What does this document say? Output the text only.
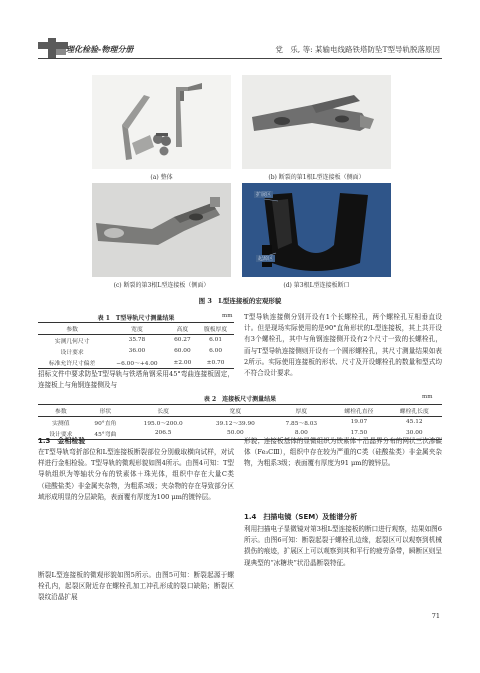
理化检验-物理分册	党　乐, 等: 某输电线路铁塔防坠T型导轨脱落原因
扩展区
起源区
(a) 整体	(b) 断裂的第1根L型连接板（侧面）
(c) 断裂的第3根L型连接板（侧面）	(d) 第3根L型连接板断口
图 3　L型连接板的宏观形貌
表 1　T型导轨尺寸测量结果	mm
参数	宽度	高度	腹板厚度
实测几何尺寸	35.78	60.27	6.01
设计要求	36.00	60.00	6.00
标准允许尺寸偏差	−6.00～+4.00	±2.00	±0.70
T型导轨连接侧分别开设有1个长螺栓孔，两个螺栓孔互相垂直设计。但是现场实际使用的是90°直角形状的L型连接板，其上共开设有3个螺栓孔，其中与角钢连接侧开设有2个尺寸一致的长螺栓孔，而与T型导轨连接侧则开设有一个圆形螺栓孔，其尺寸测量结果如表2所示。实际使用连接板的形状、尺寸及开设螺栓孔的数量和型式均不符合设计要求。
招标文件中要求防坠T型导轨与铁塔角钢采用45°弯曲连接板固定，连接板上与角钢连接侧及与
表 2　连接板尺寸测量结果	mm
参数	形状	长度	宽度	厚度	螺栓孔直径	螺栓孔长度
实测值	90°直角	195.0～200.0	39.12～39.90	7.85～8.03	19.07	45.12
设计要求	45°弯曲	206.5	50.00	8.00	17.50	30.00
1.3　金相检验
在T型导轨弯折部位和L型连接板断裂部位分别截取横向试样，对试样进行金相检验。T型导轨的微观形貌如图4所示。由图4可知：T型导轨组织为等轴状分布的铁素体＋珠光体，组织中存在大量C类（硅酸盐类）非金属夹杂物，为粗系3级；夹杂物的存在导致部分区域形成明显的分层缺陷，表面覆有厚度为100 μm的镀锌层。
断裂L型连接板的微观形貌如图5所示。由图5可知：断裂起源于螺栓孔内，起裂区附近存在螺栓孔加工冲孔形成的裂口缺陷；断裂区裂纹沿晶扩展
形貌；连接板基体的显微组织为铁素体＋沿晶界分布的网状三次渗碳体（Fe₃CⅢ），组织中存在较为严重的C类（硅酸盐类）非金属夹杂物，为粗系3级；表面覆有厚度为91 μm的镀锌层。
1.4　扫描电镜（SEM）及能谱分析
利用扫描电子显微镜对第3根L型连接板的断口进行观察，结果如图6所示。由图6可知：断裂起裂于螺栓孔边缘，起裂区可以观察到机械损伤的痕迹，扩展区上可以观察到其和平行的疲劳条带，瞬断区则呈现典型的“冰糖块”状沿晶断裂特征。
71
